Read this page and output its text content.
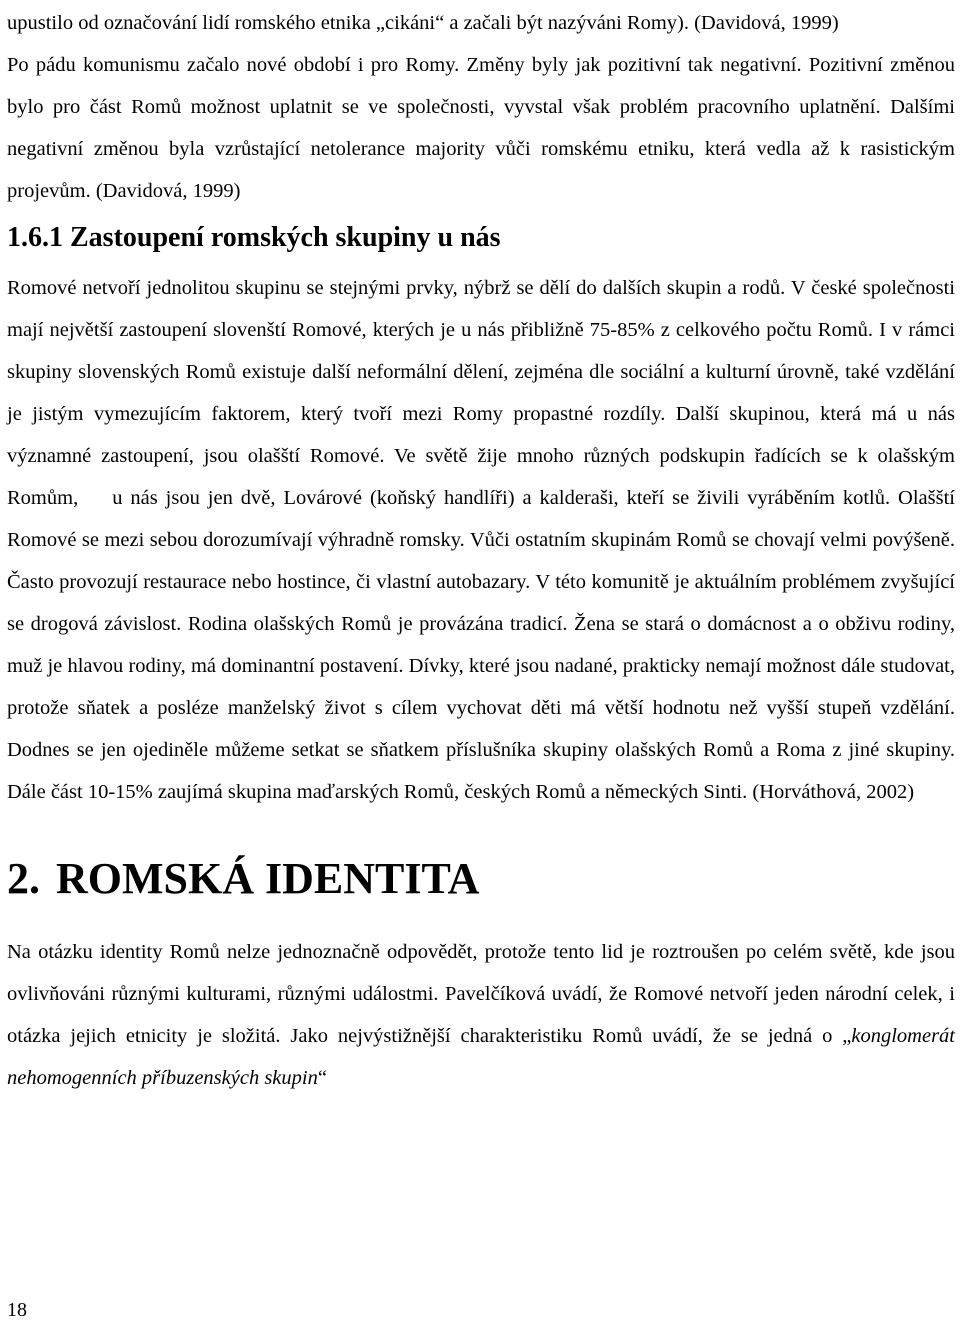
upustilo od označování lidí romského etnika „cikáni“ a začali být nazýváni Romy). (Davidová, 1999)

Po pádu komunismu začalo nové období i pro Romy. Změny byly jak pozitivní tak negativní. Pozitivní změnou bylo pro část Romů možnost uplatnit se ve společnosti, vyvstal však problém pracovního uplatnění. Dalšími negativní změnou byla vzrůstající netolerance majority vůči romskému etniku, která vedla až k rasistickým projevům. (Davidová, 1999)

1.6.1 Zastoupení romských skupiny u nás

Romové netvoří jednolitou skupinu se stejnými prvky, nýbrž se dělí do dalších skupin a rodů. V české společnosti mají největší zastoupení slovenští Romové, kterých je u nás přibližně 75-85% z celkového počtu Romů. I v rámci skupiny slovenských Romů existuje další neformální dělení, zejména dle sociální a kulturní úrovně, také vzdělání je jistým vymezujícím faktorem, který tvoří mezi Romy propastné rozdíly. Další skupinou, která má u nás významné zastoupení, jsou olašští Romové. Ve světě žije mnoho různých podskupin řadících se k olašským Romům, u nás jsou jen dvě, Lovárové (koňský handlíři) a kalderaši, kteří se živili vyráběním kotlů. Olašští Romové se mezi sebou dorozumívají výhradně romsky. Vůči ostatním skupinám Romů se chovají velmi povýšeně. Často provozují restaurace nebo hostince, či vlastní autobazary. V této komunitě je aktuálním problémem zvyšující se drogová závislost. Rodina olašských Romů je provázána tradicí. Žena se stará o domácnost a o obživu rodiny, muž je hlavou rodiny, má dominantní postavení. Dívky, které jsou nadané, prakticky nemají možnost dále studovat, protože sňatek a posléze manželský život s cílem vychovat děti má větší hodnotu než vyšší stupeň vzdělání. Dodnes se jen ojediněle můžeme setkat se sňatkem příslušníka skupiny olašských Romů a Roma z jiné skupiny. Dále část 10-15% zaujímá skupina maďarských Romů, českých Romů a německých Sinti. (Horváthová, 2002)

2. ROMSKÁ IDENTITA

Na otázku identity Romů nelze jednoznačně odpovědět, protože tento lid je roztroušen po celém světě, kde jsou ovlivňováni různými kulturami, různými událostmi. Pavelčíková uvádí, že Romové netvoří jeden národní celek, i otázka jejich etnicity je složitá. Jako nejvýstižnější charakteristiku Romů uvádí, že se jedná o „konglomerát nehomogenních příbuzenských skupin“

18
